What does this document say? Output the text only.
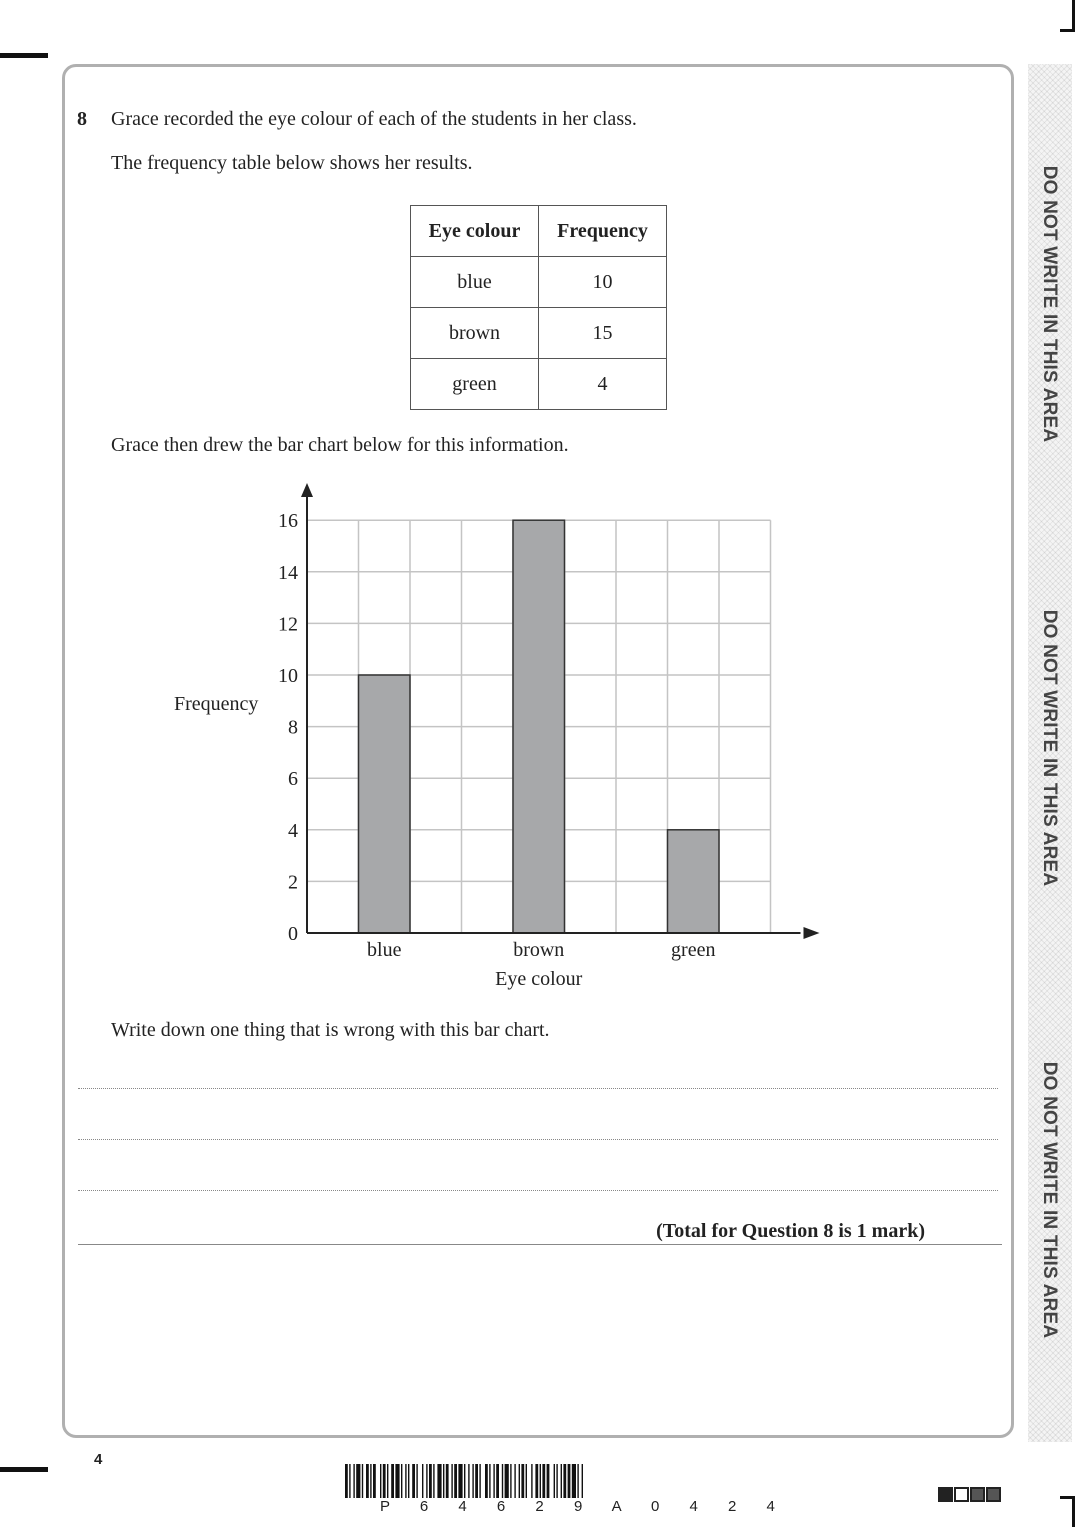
DO NOT WRITE IN THIS AREA
DO NOT WRITE IN THIS AREA
DO NOT WRITE IN THIS AREA
8 Grace recorded the eye colour of each of the students in her class.
The frequency table below shows her results.
Eye colour	Frequency
blue	10
brown	15
green	4
Grace then drew the bar chart below for this information.
blue	brown	green
0
2
4
6
8
10
12
14
16
Frequency
Eye colour
Write down one thing that is wrong with this bar chart.
(Total for Question 8 is 1 mark)
4
P 6 4 6 2 9 A 0 4 2 4
